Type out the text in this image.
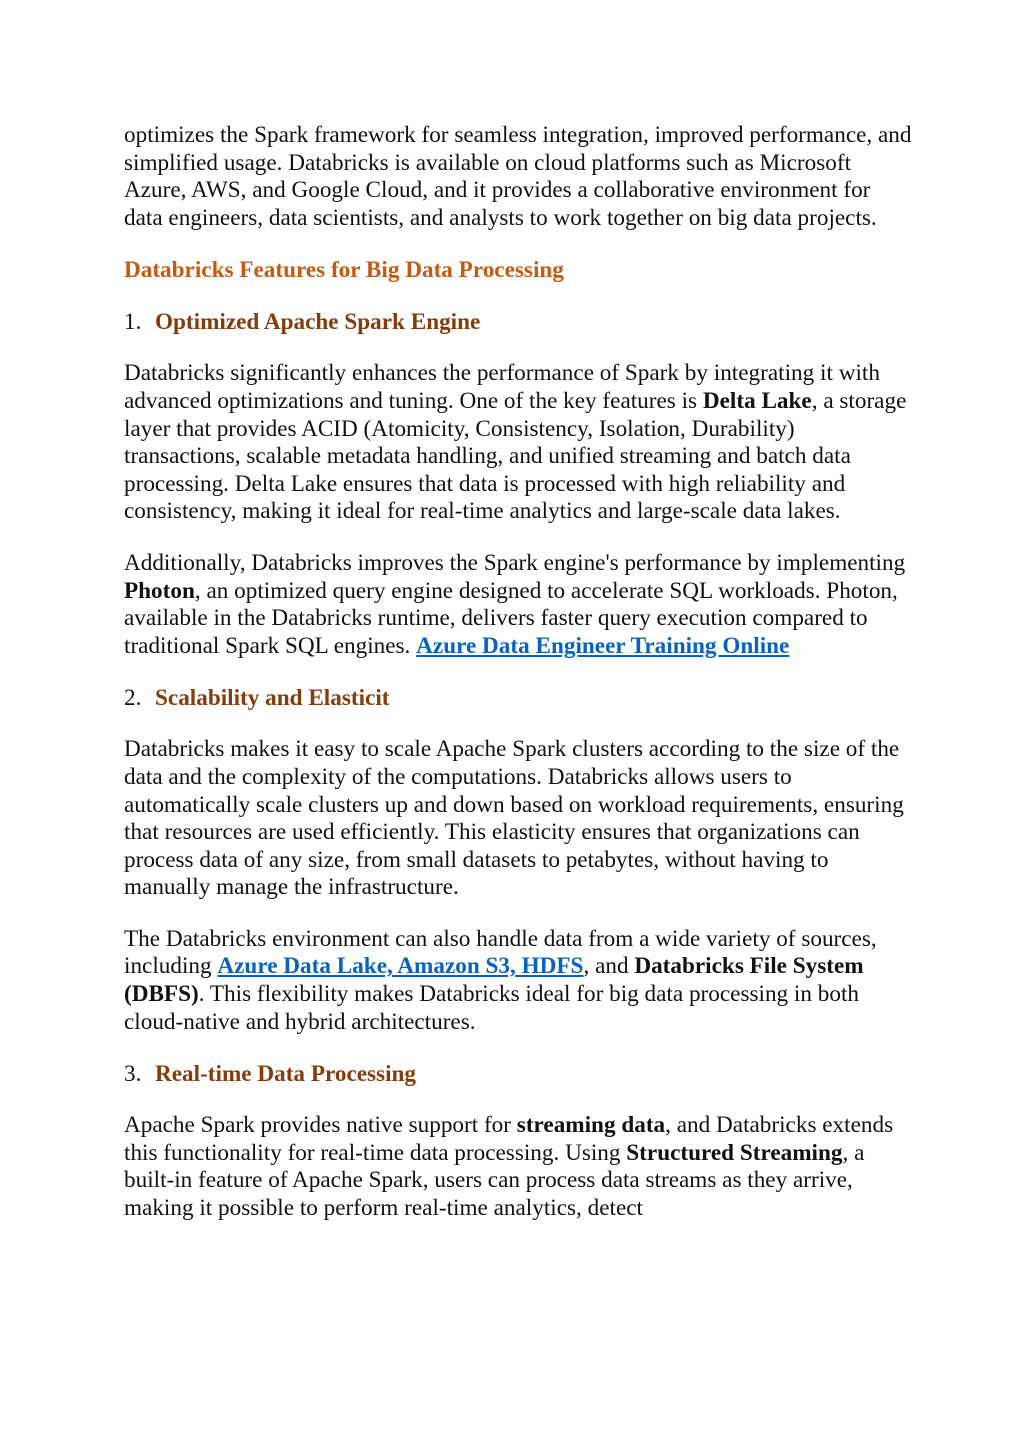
optimizes the Spark framework for seamless integration, improved performance, and simplified usage. Databricks is available on cloud platforms such as Microsoft Azure, AWS, and Google Cloud, and it provides a collaborative environment for data engineers, data scientists, and analysts to work together on big data projects.

Databricks Features for Big Data Processing
1. Optimized Apache Spark Engine

Databricks significantly enhances the performance of Spark by integrating it with advanced optimizations and tuning. One of the key features is Delta Lake, a storage layer that provides ACID (Atomicity, Consistency, Isolation, Durability) transactions, scalable metadata handling, and unified streaming and batch data processing. Delta Lake ensures that data is processed with high reliability and consistency, making it ideal for real-time analytics and large-scale data lakes.

Additionally, Databricks improves the Spark engine's performance by implementing Photon, an optimized query engine designed to accelerate SQL workloads. Photon, available in the Databricks runtime, delivers faster query execution compared to traditional Spark SQL engines. Azure Data Engineer Training Online

2. Scalability and Elasticit

Databricks makes it easy to scale Apache Spark clusters according to the size of the data and the complexity of the computations. Databricks allows users to automatically scale clusters up and down based on workload requirements, ensuring that resources are used efficiently. This elasticity ensures that organizations can process data of any size, from small datasets to petabytes, without having to manually manage the infrastructure.

The Databricks environment can also handle data from a wide variety of sources, including Azure Data Lake, Amazon S3, HDFS, and Databricks File System (DBFS). This flexibility makes Databricks ideal for big data processing in both cloud-native and hybrid architectures.

3. Real-time Data Processing

Apache Spark provides native support for streaming data, and Databricks extends this functionality for real-time data processing. Using Structured Streaming, a built-in feature of Apache Spark, users can process data streams as they arrive, making it possible to perform real-time analytics, detect
